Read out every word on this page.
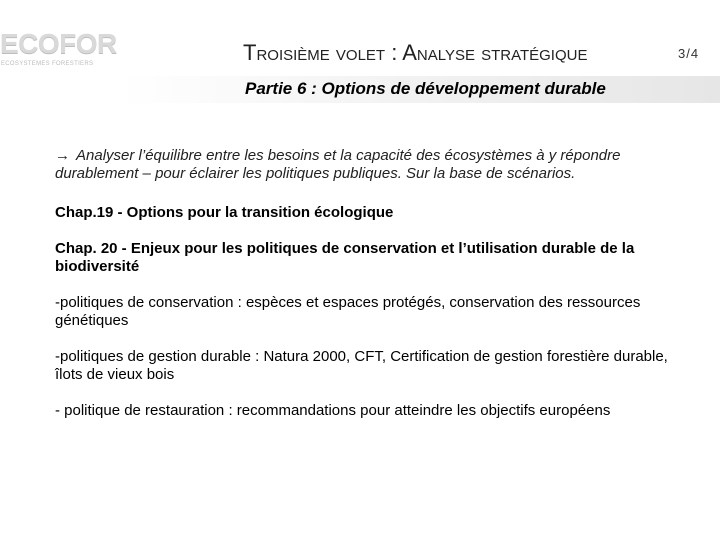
ECOFOR
ECOSYSTEMES FORESTIERS	Troisième volet : Analyse stratégique	3/4
Partie 6 : Options de développement durable

→ Analyser l’équilibre entre les besoins et la capacité des écosystèmes à y répondre durablement – pour éclairer les politiques publiques. Sur la base de scénarios.

Chap.19 - Options pour la transition écologique

Chap. 20 - Enjeux pour les politiques de conservation et l’utilisation durable de la biodiversité

-politiques de conservation : espèces et espaces protégés, conservation des ressources génétiques

-politiques de gestion durable : Natura 2000, CFT, Certification de gestion forestière durable, îlots de vieux bois

- politique de restauration : recommandations pour atteindre les objectifs européens
